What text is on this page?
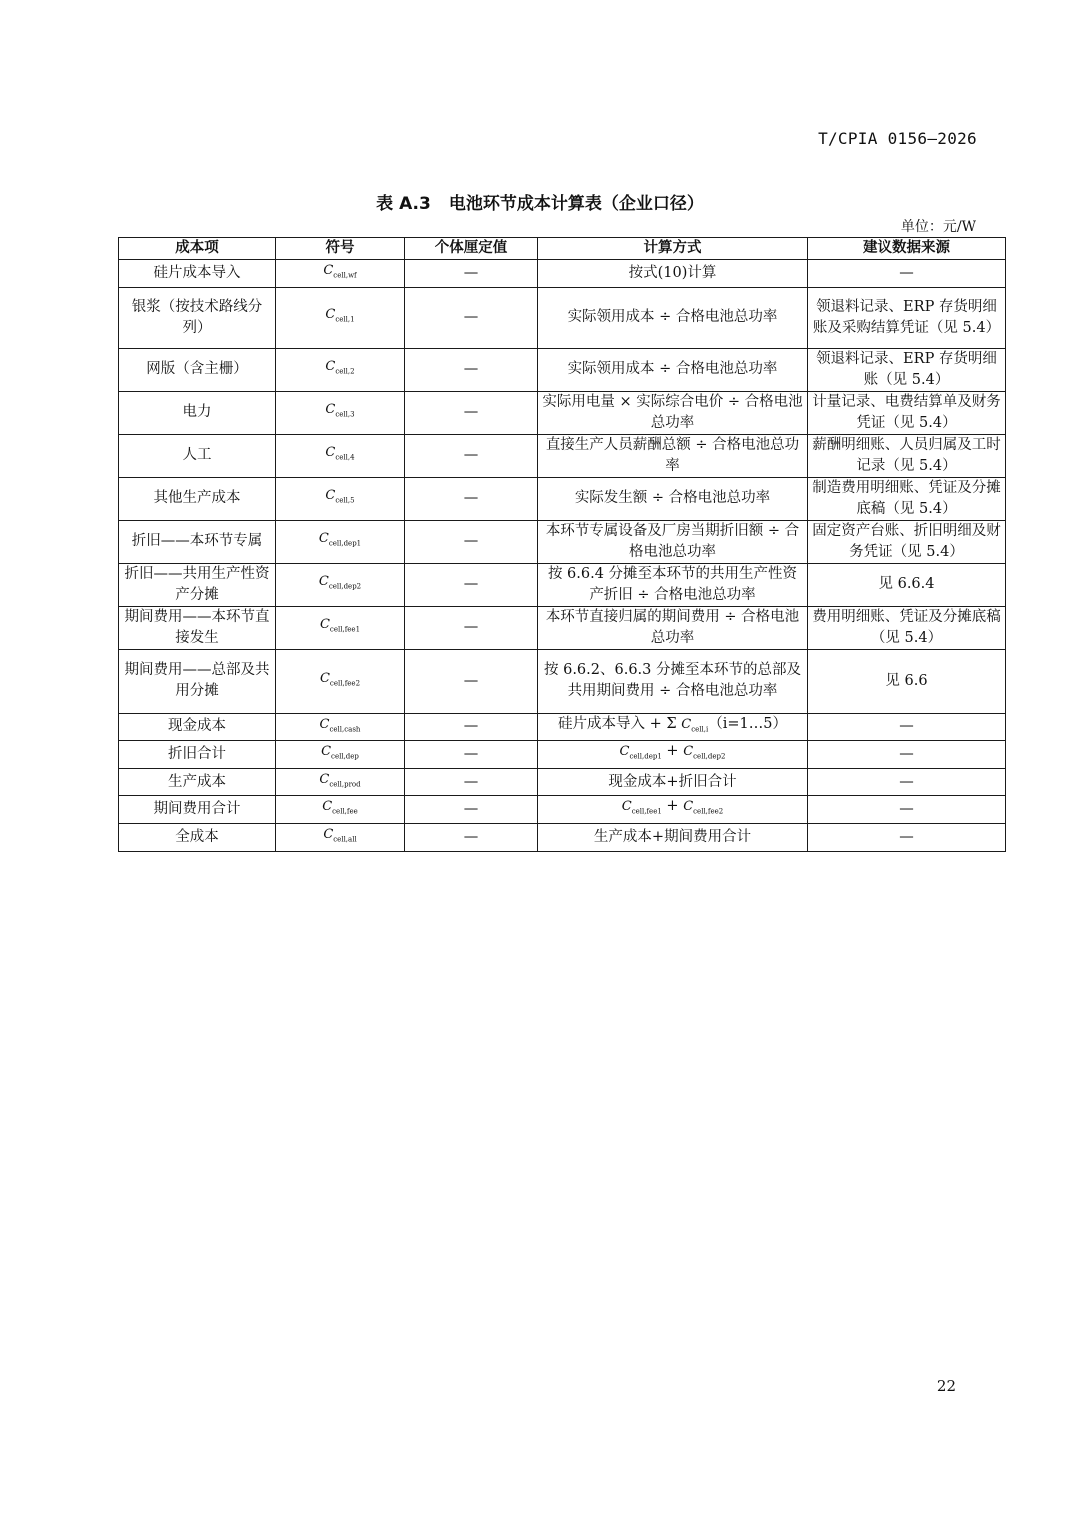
T/CPIA 0156—2026
表 A.3 电池环节成本计算表（企业口径）
单位：元/W
成本项	符号	个体厘定值	计算方式	建议数据来源
硅片成本导入	$C_{cell,wf}$	—	按式(10)计算	—
银浆（按技术路线分列）	$C_{cell,1}$	—	实际领用成本 ÷ 合格电池总功率	领退料记录、ERP 存货明细账及采购结算凭证（见 5.4）
网版（含主栅）	$C_{cell,2}$	—	实际领用成本 ÷ 合格电池总功率	领退料记录、ERP 存货明细账（见 5.4）
电力	$C_{cell,3}$	—	实际用电量 × 实际综合电价 ÷ 合格电池总功率	计量记录、电费结算单及财务凭证（见 5.4）
人工	$C_{cell,4}$	—	直接生产人员薪酬总额 ÷ 合格电池总功率	薪酬明细账、人员归属及工时记录（见 5.4）
其他生产成本	$C_{cell,5}$	—	实际发生额 ÷ 合格电池总功率	制造费用明细账、凭证及分摊底稿（见 5.4）
折旧——本环节专属	$C_{cell,dep1}$	—	本环节专属设备及厂房当期折旧额 ÷ 合格电池总功率	固定资产台账、折旧明细及财务凭证（见 5.4）
折旧——共用生产性资产分摊	$C_{cell,dep2}$	—	按 6.6.4 分摊至本环节的共用生产性资产折旧 ÷ 合格电池总功率	见 6.6.4
期间费用——本环节直接发生	$C_{cell,fee1}$	—	本环节直接归属的期间费用 ÷ 合格电池总功率	费用明细账、凭证及分摊底稿（见 5.4）
期间费用——总部及共用分摊	$C_{cell,fee2}$	—	按 6.6.2、6.6.3 分摊至本环节的总部及共用期间费用 ÷ 合格电池总功率	见 6.6
现金成本	$C_{cell,cash}$	—	硅片成本导入 + Σ $C_{cell,i}(i=1\dots 5)$	—
折旧合计	$C_{cell,dep}$	—	$C_{cell,dep1} + C_{cell,dep2}$	—
生产成本	$C_{cell,prod}$	—	现金成本+折旧合计	—
期间费用合计	$C_{cell,fee}$	—	$C_{cell,fee1} + C_{cell,fee2}$	—
全成本	$C_{cell,all}$	—	生产成本+期间费用合计	—
22
